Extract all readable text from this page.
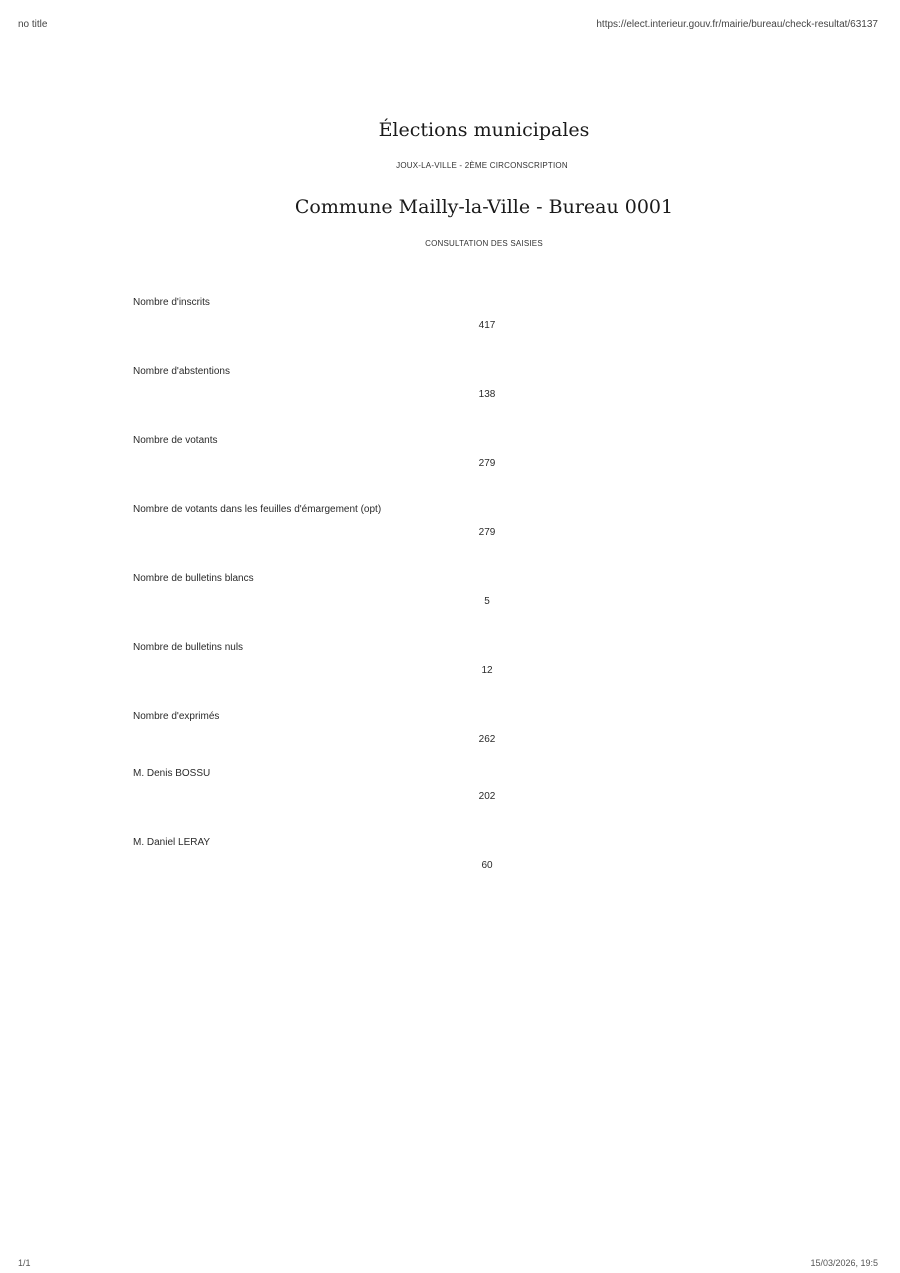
no title	https://elect.interieur.gouv.fr/mairie/bureau/check-resultat/63137
Élections municipales
JOUX-LA-VILLE - 2ÈME CIRCONSCRIPTION
Commune Mailly-la-Ville - Bureau 0001
CONSULTATION DES SAISIES
Nombre d'inscrits
417
Nombre d'abstentions
138
Nombre de votants
279
Nombre de votants dans les feuilles d'émargement (opt)
279
Nombre de bulletins blancs
5
Nombre de bulletins nuls
12
Nombre d'exprimés
262
M. Denis BOSSU
202
M. Daniel LERAY
60
1/1	15/03/2026, 19:5
